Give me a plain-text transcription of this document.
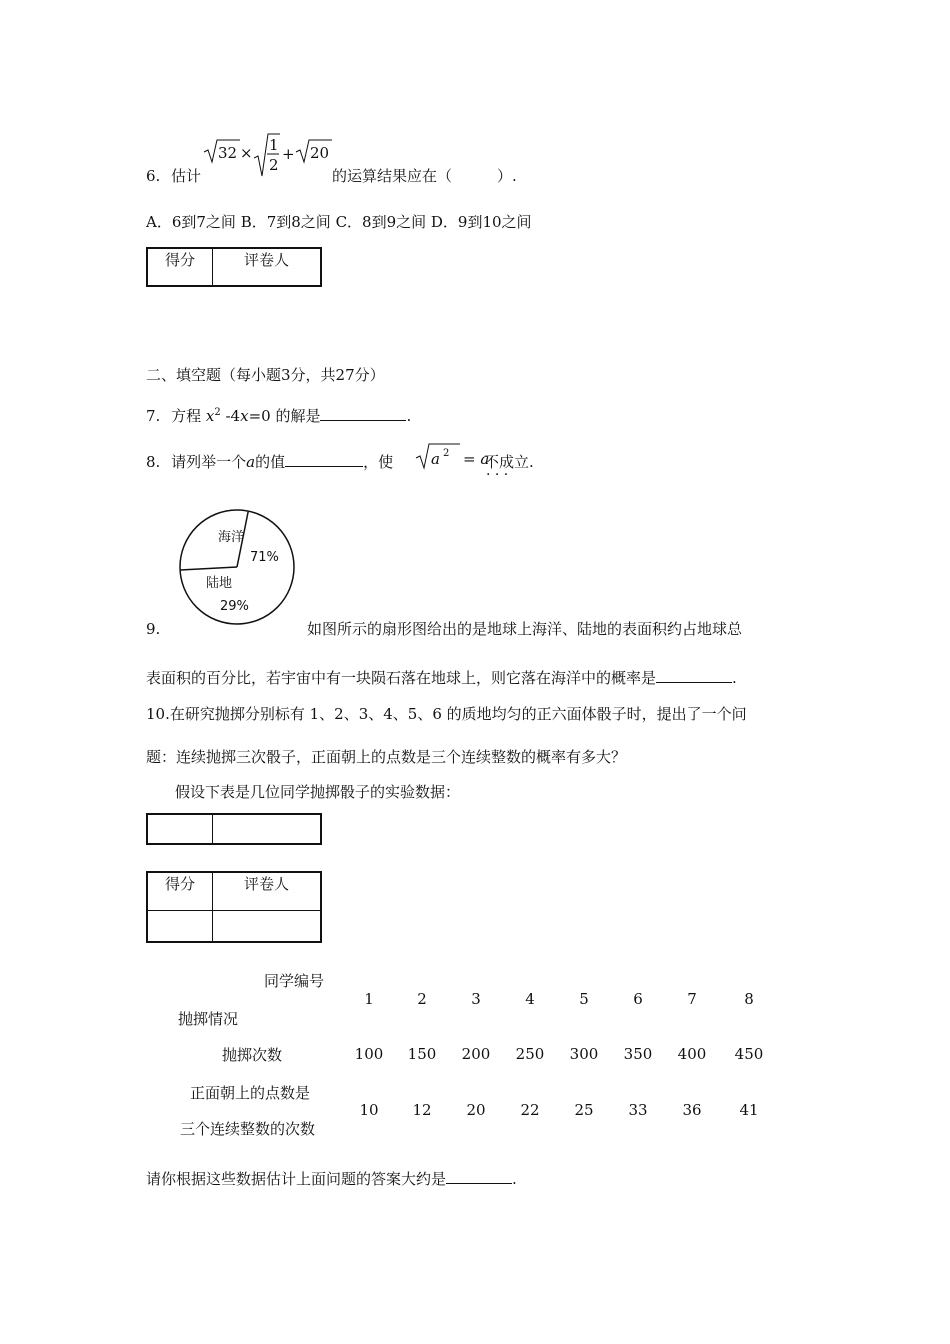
6. 估计
32 × 1
2
+ 20
的运算结果应在（　　　）.
A．6到7之间 B．7到8之间 C．8到9之间 D．9到10之间
得分	评卷人
二、填空题（每小题3分，共27分）
7. 方程 $x^2$ -4x=0 的解是	.
8. 请列举一个a的值	，使	a 2 = a
不成立 · · ·.
海洋
71%
陆地
29%
9.	如图所示的扇形图给出的是地球上海洋、陆地的表面积约占地球总
表面积的百分比，若宇宙中有一块陨石落在地球上，则它落在海洋中的概率是	.
10.在研究抛掷分别标有 1、2、3、4、5、6 的质地均匀的正六面体骰子时，提出了一个问
题：连续抛掷三次骰子，正面朝上的点数是三个连续整数的概率有多大？
假设下表是几位同学抛掷骰子的实验数据：

得分	评卷人

同学编号
抛掷情况
1	2	3	4	5	6	7	8
抛掷次数	100	150	200	250	300	350	400	450
正面朝上的点数是
三个连续整数的次数
10	12	20	22	25	33	36	41
请你根据这些数据估计上面问题的答案大约是	.
